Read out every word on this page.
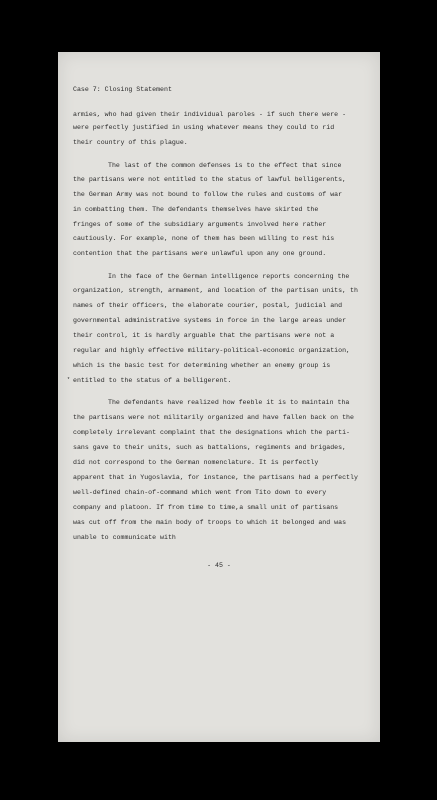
Case 7: Closing Statement
armies, who had given their individual paroles - if such there were -
were perfectly justified in using whatever means they could to rid
their country of this plague.
The last of the common defenses is to the effect that since
the partisans were not entitled to the status of lawful belligerents,
the German Army was not bound to follow the rules and customs of war
in combatting them. The defendants themselves have skirted the
fringes of some of the subsidiary arguments involved here rather
cautiously. For example, none of them has been willing to rest his
contention that the partisans were unlawful upon any one ground.
In the face of the German intelligence reports concerning the
organization, strength, armament, and location of the partisan units, th
names of their officers, the elaborate courier, postal, judicial and
governmental administrative systems in force in the large areas under
their control, it is hardly arguable that the partisans were not a
regular and highly effective military-political-economic organization,
which is the basic test for determining whether an enemy group is
* entitled to the status of a belligerent.
The defendants have realized how feeble it is to maintain tha
the partisans were not militarily organized and have fallen back on the
completely irrelevant complaint that the designations which the parti-
sans gave to their units, such as battalions, regiments and brigades,
did not correspond to the German nomenclature. It is perfectly
apparent that in Yugoslavia, for instance, the partisans had a perfectly
well-defined chain-of-command which went from Tito down to every
company and platoon. If from time to time,a small unit of partisans
was cut off from the main body of troops to which it belonged and was
unable to communicate with
- 45 -
